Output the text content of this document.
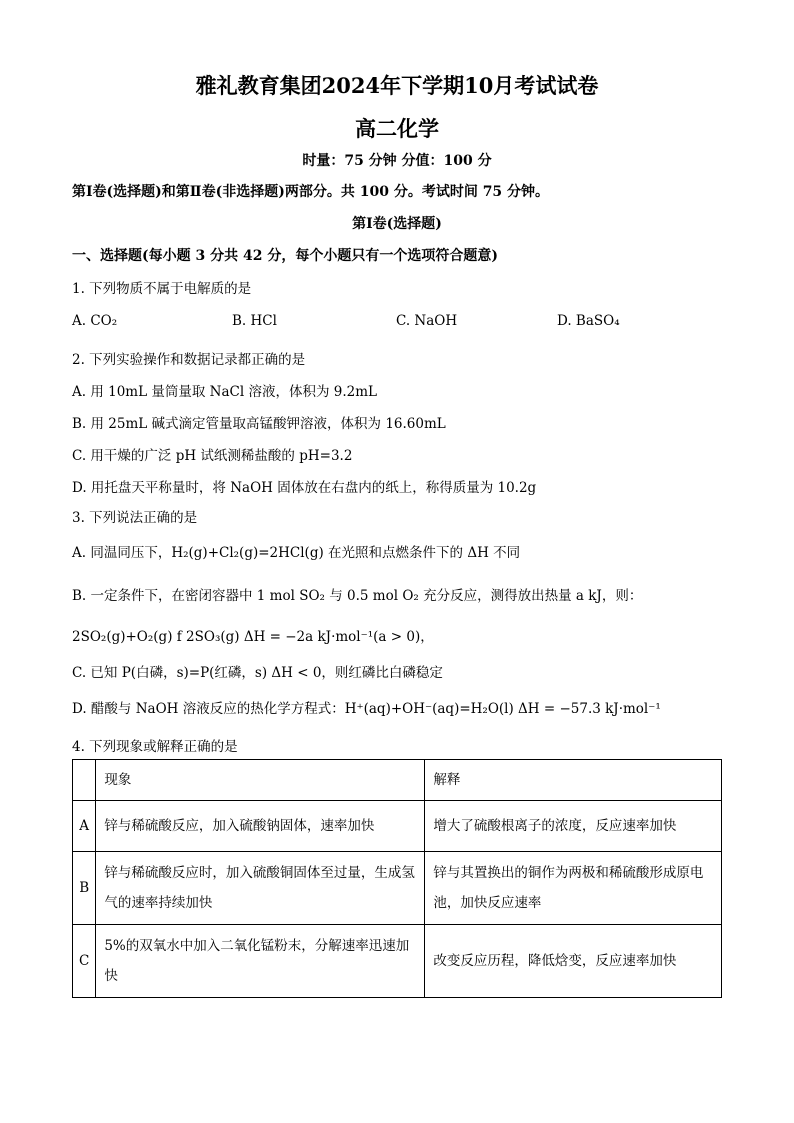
雅礼教育集团2024年下学期10月考试试卷
高二化学
时量：75 分钟 分值：100 分
第Ⅰ卷(选择题)和第Ⅱ卷(非选择题)两部分。共 100 分。考试时间 75 分钟。
第Ⅰ卷(选择题)
一、选择题(每小题 3 分共 42 分，每个小题只有一个选项符合题意)
1. 下列物质不属于电解质的是
A. CO₂	B. HCl	C. NaOH	D. BaSO₄
2. 下列实验操作和数据记录都正确的是
A. 用 10mL 量筒量取 NaCl 溶液，体积为 9.2mL
B. 用 25mL 碱式滴定管量取高锰酸钾溶液，体积为 16.60mL
C. 用干燥的广泛 pH 试纸测稀盐酸的 pH=3.2
D. 用托盘天平称量时，将 NaOH 固体放在右盘内的纸上，称得质量为 10.2g
3. 下列说法正确的是
A. 同温同压下，H₂(g)+Cl₂(g)=2HCl(g) 在光照和点燃条件下的 ΔH 不同
B. 一定条件下，在密闭容器中 1 mol SO₂ 与 0.5 mol O₂ 充分反应，测得放出热量 a kJ，则：
2SO₂(g)+O₂(g) f 2SO₃(g) ΔH = −2a kJ·mol⁻¹(a > 0)，
C. 已知 P(白磷，s)=P(红磷，s) ΔH < 0，则红磷比白磷稳定
D. 醋酸与 NaOH 溶液反应的热化学方程式：H⁺(aq)+OH⁻(aq)=H₂O(l) ΔH = −57.3 kJ·mol⁻¹
4. 下列现象或解释正确的是
	现象	解释
A	锌与稀硫酸反应，加入硫酸钠固体，速率加快	增大了硫酸根离子的浓度，反应速率加快
B	锌与稀硫酸反应时，加入硫酸铜固体至过量，生成氢气的速率持续加快	锌与其置换出的铜作为两极和稀硫酸形成原电池，加快反应速率
C	5%的双氧水中加入二氧化锰粉末，分解速率迅速加快	改变反应历程，降低焓变，反应速率加快
